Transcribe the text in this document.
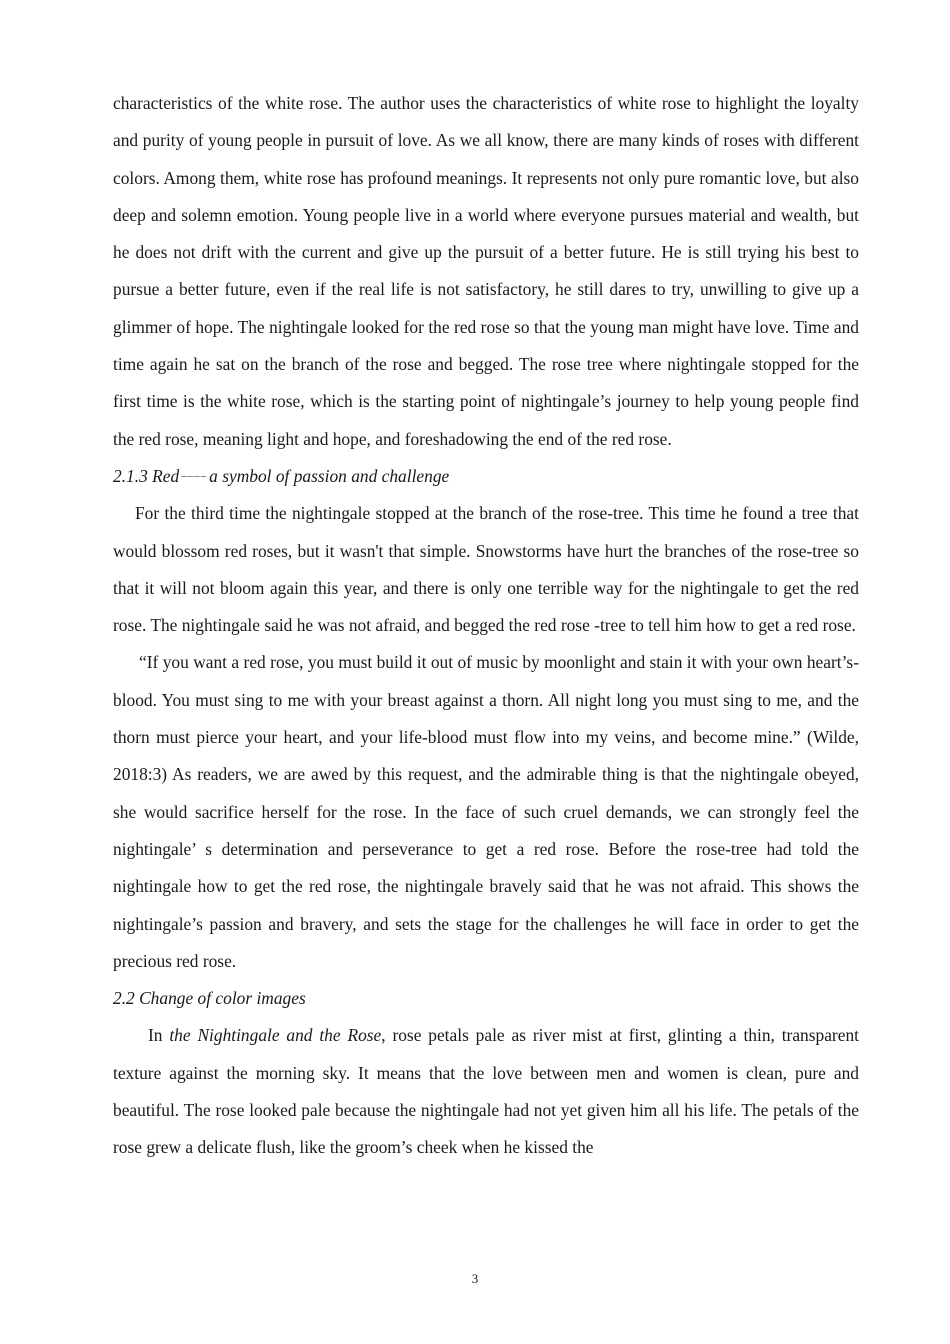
characteristics of the white rose. The author uses the characteristics of white rose to highlight the loyalty and purity of young people in pursuit of love. As we all know, there are many kinds of roses with different colors. Among them, white rose has profound meanings. It represents not only pure romantic love, but also deep and solemn emotion. Young people live in a world where everyone pursues material and wealth, but he does not drift with the current and give up the pursuit of a better future. He is still trying his best to pursue a better future, even if the real life is not satisfactory, he still dares to try, unwilling to give up a glimmer of hope. The nightingale looked for the red rose so that the young man might have love. Time and time again he sat on the branch of the rose and begged. The rose tree where nightingale stopped for the first time is the white rose, which is the starting point of nightingale’s journey to help young people find the red rose, meaning light and hope, and foreshadowing the end of the red rose.

2.1.3 Red –––– a symbol of passion and challenge

For the third time the nightingale stopped at the branch of the rose-tree. This time he found a tree that would blossom red roses, but it wasn't that simple. Snowstorms have hurt the branches of the rose-tree so that it will not bloom again this year, and there is only one terrible way for the nightingale to get the red rose. The nightingale said he was not afraid, and begged the red rose -tree to tell him how to get a red rose.

“If you want a red rose, you must build it out of music by moonlight and stain it with your own heart’s-blood. You must sing to me with your breast against a thorn. All night long you must sing to me, and the thorn must pierce your heart, and your life-blood must flow into my veins, and become mine.” (Wilde, 2018:3) As readers, we are awed by this request, and the admirable thing is that the nightingale obeyed, she would sacrifice herself for the rose. In the face of such cruel demands, we can strongly feel the nightingale’ s determination and perseverance to get a red rose. Before the rose-tree had told the nightingale how to get the red rose, the nightingale bravely said that he was not afraid. This shows the nightingale’s passion and bravery, and sets the stage for the challenges he will face in order to get the precious red rose.

2.2 Change of color images

In the Nightingale and the Rose, rose petals pale as river mist at first, glinting a thin, transparent texture against the morning sky. It means that the love between men and women is clean, pure and beautiful. The rose looked pale because the nightingale had not yet given him all his life. The petals of the rose grew a delicate flush, like the groom’s cheek when he kissed the

3
